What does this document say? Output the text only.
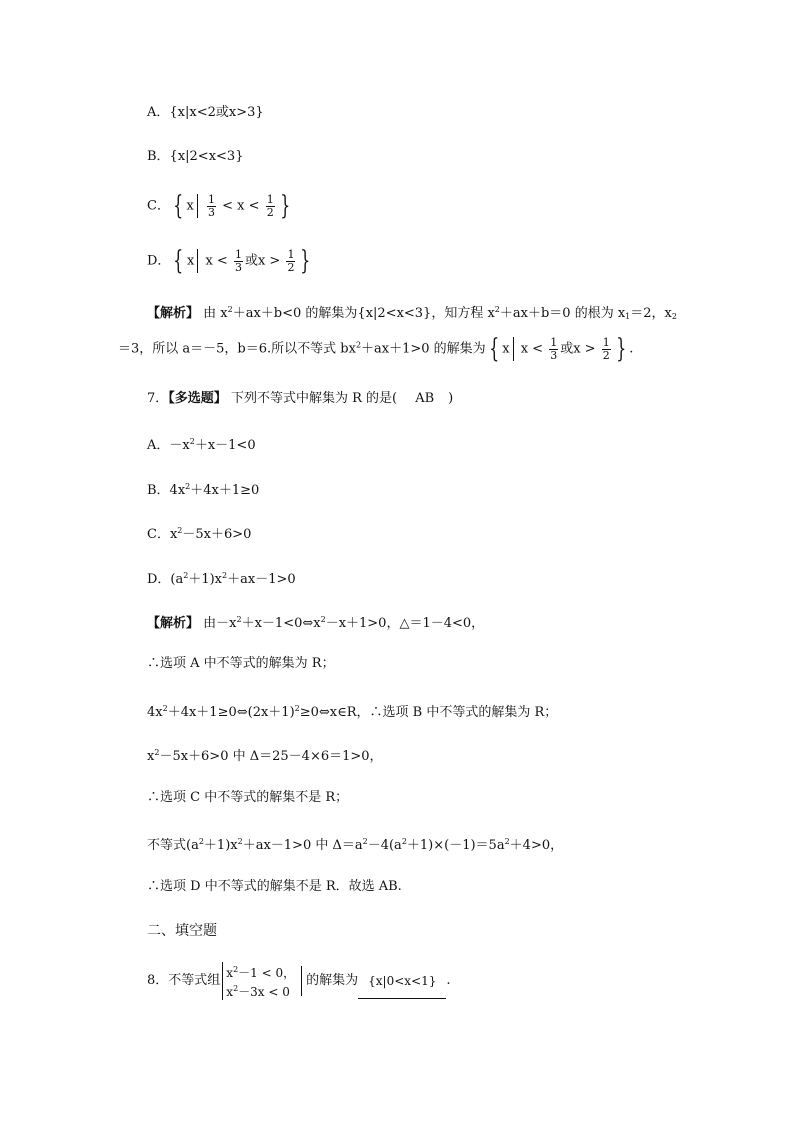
A．{x|x<2或x>3}
B．{x|2<x<3}
C． { x $\frac{1}{3} < x < \frac{1}{2}$ }
D． { x $x < \frac{1}{3}$ 或$x > \frac{1}{2}$ }
【解析】 由 $x^2+ax+b<0$ 的解集为{x|2<x<3}，知方程 $x^2+ax+b=0$ 的根为 $x_1=2$，$x_2$
＝3，所以 a＝－5，b＝6.所以不等式 $bx^2+ax+1>0$ 的解集为 { x $x < \frac{1}{3}$ 或$x > \frac{1}{2}$ } .
7．【多选题】 下列不等式中解集为 R 的是( AB )
A．$-x^2+x-1<0$
B．$4x^2+4x+1\ge 0$
C．$x^2-5x+6>0$
D．$(a^2+1)x^2+ax-1>0$
【解析】 由$-x^2+x-1<0\Leftrightarrow x^2-x+1>0$，△＝1－4<0，
∴选项 A 中不等式的解集为 R；
$4x^2+4x+1\ge 0\Leftrightarrow(2x+1)^2\ge 0\Leftrightarrow x\in R$，∴选项 B 中不等式的解集为 R；
$x^2-5x+6>0$ 中 Δ＝25－4×6＝1>0，
∴选项 C 中不等式的解集不是 R；
不等式$(a^2+1)x^2+ax-1>0$ 中 $\Delta=a^2-4(a^2+1)\times(-1)=5a^2+4>0$，
∴选项 D 中不等式的解集不是 R．故选 AB.
二、填空题
8．不等式组 $x^2-1 < 0$，
$x^2-3x < 0$
的解集为 {x|0<x<1} .
